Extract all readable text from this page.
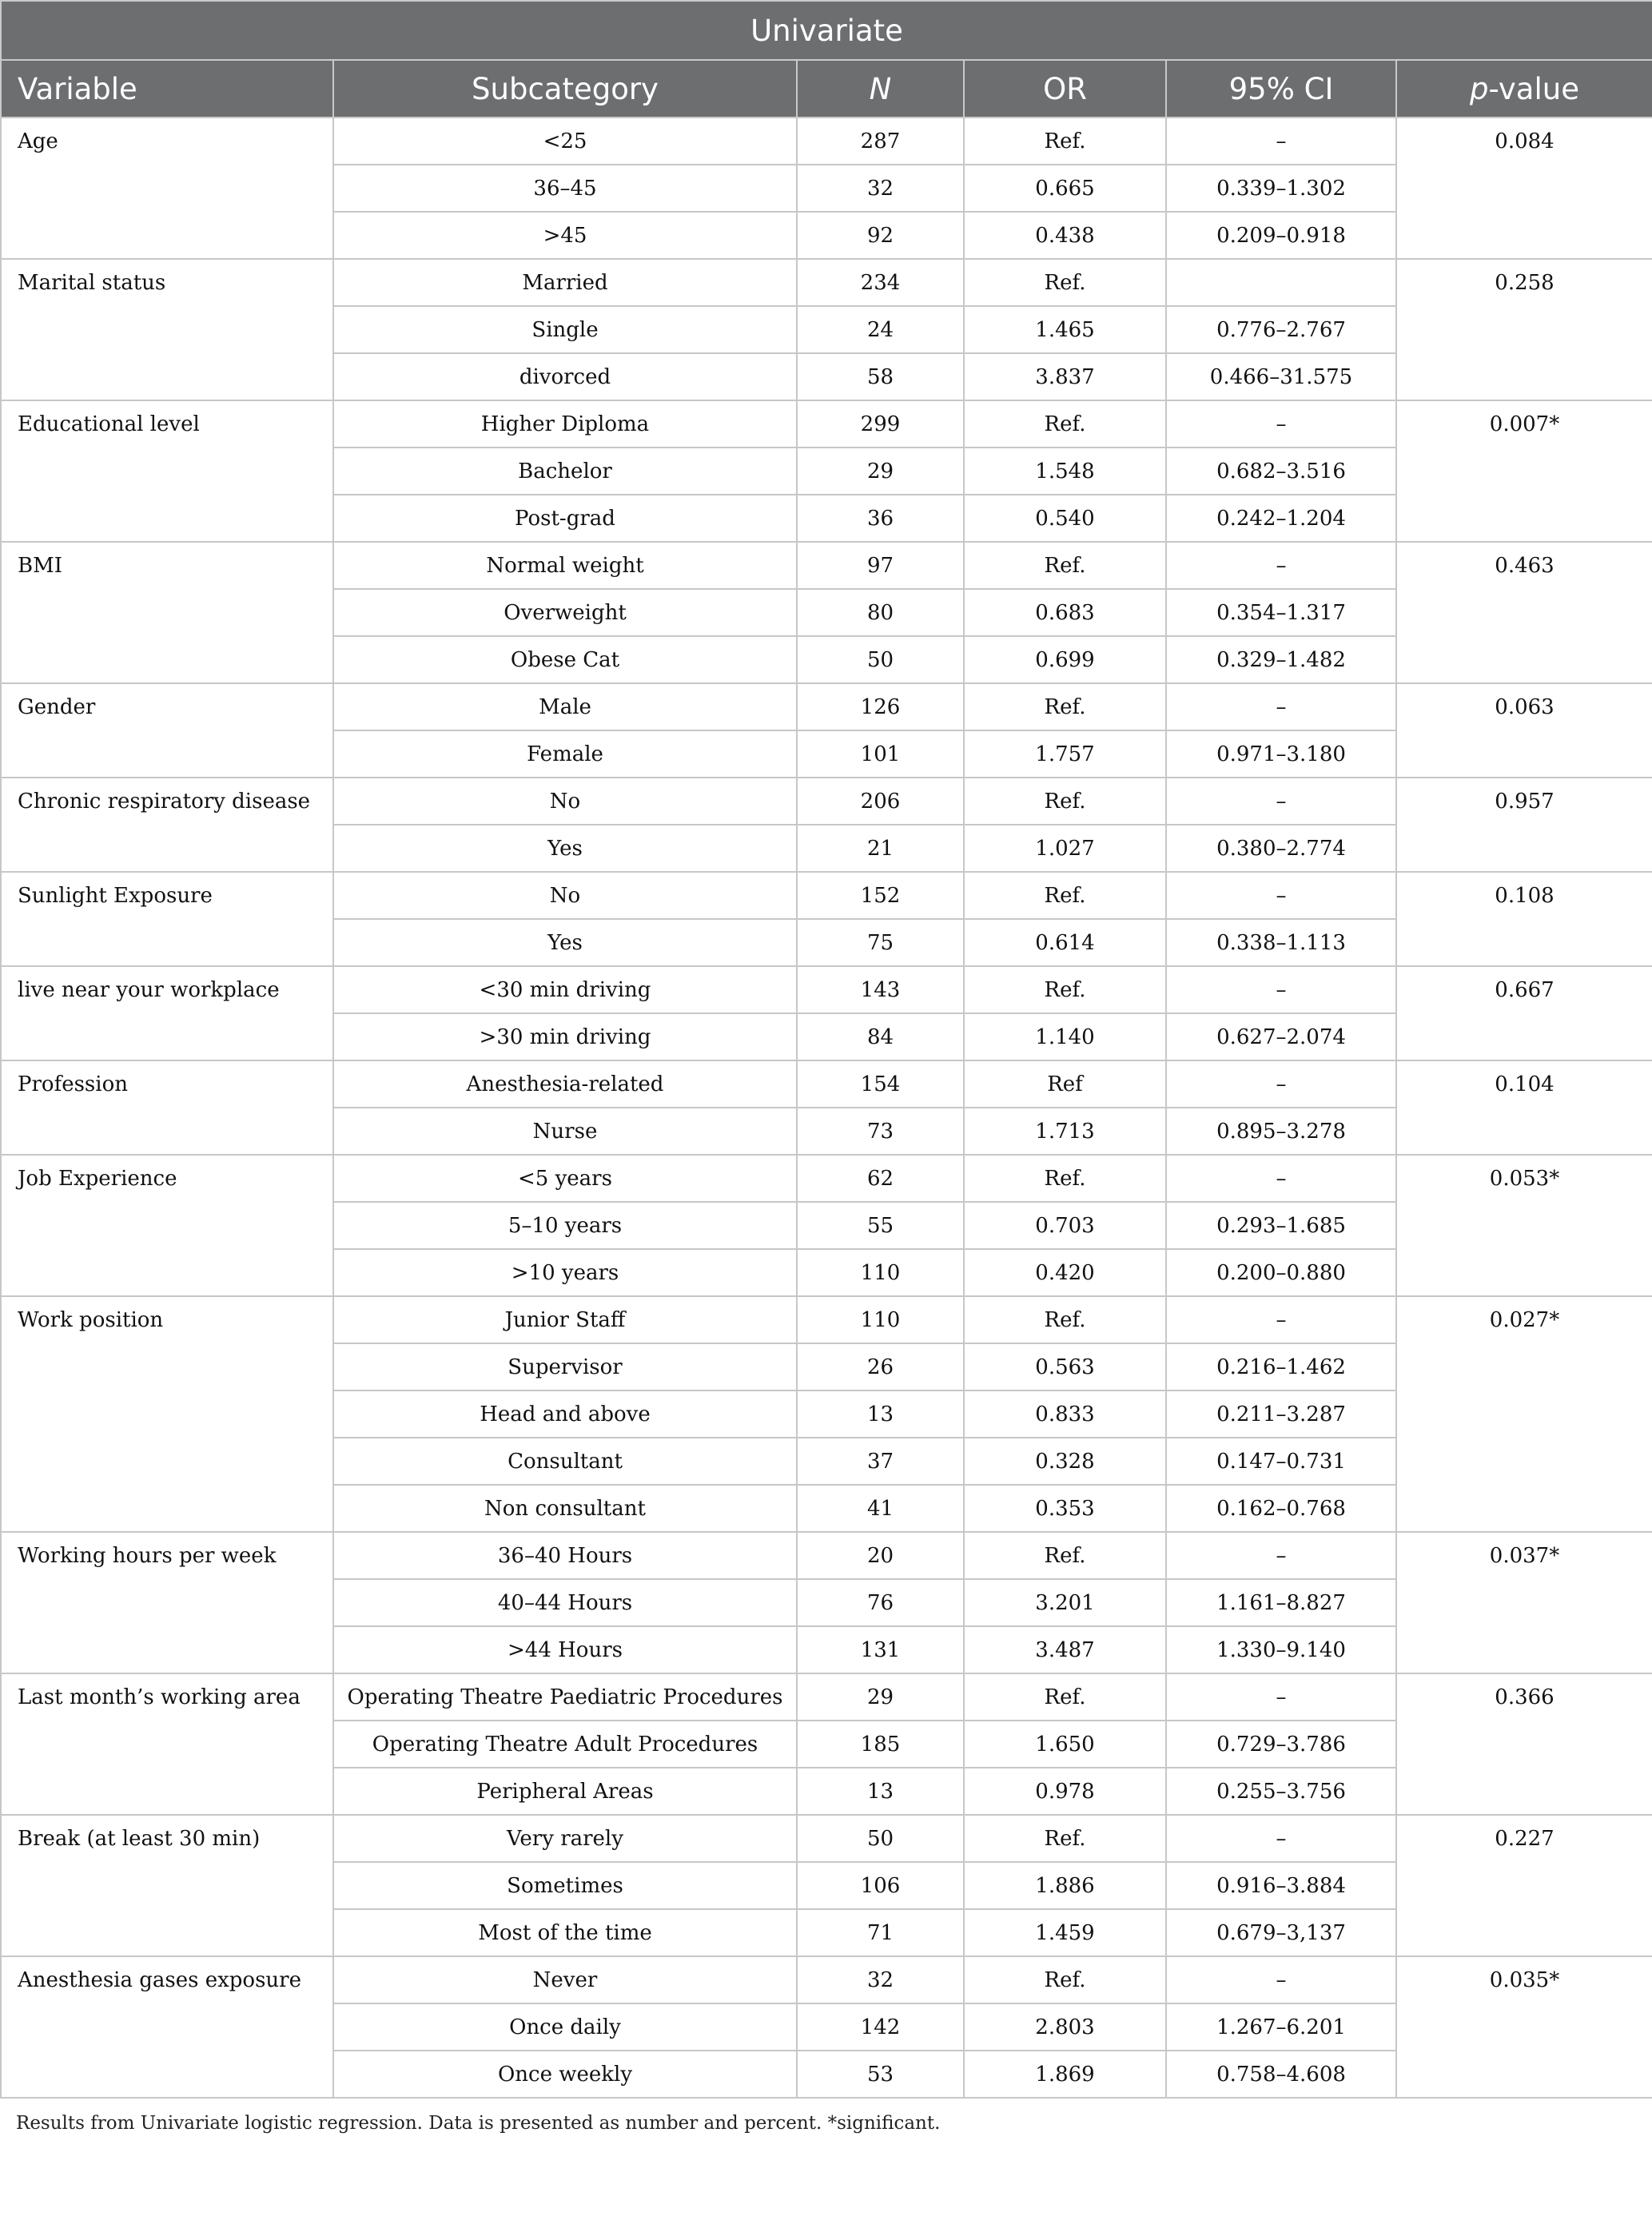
Univariate					
Variable	Subcategory	N	OR	95% CI	p-value
Age	<25	287	Ref.	–	0.084
	36–45	32	0.665	0.339–1.302	
	>45	92	0.438	0.209–0.918	
Marital status	Married	234	Ref.		0.258
	Single	24	1.465	0.776–2.767	
	divorced	58	3.837	0.466–31.575	
Educational level	Higher Diploma	299	Ref.	–	0.007*
	Bachelor	29	1.548	0.682–3.516	
	Post-grad	36	0.540	0.242–1.204	
BMI	Normal weight	97	Ref.	–	0.463
	Overweight	80	0.683	0.354–1.317	
	Obese Cat	50	0.699	0.329–1.482	
Gender	Male	126	Ref.	–	0.063
	Female	101	1.757	0.971–3.180	
Chronic respiratory disease	No	206	Ref.	–	0.957
	Yes	21	1.027	0.380–2.774	
Sunlight Exposure	No	152	Ref.	–	0.108
	Yes	75	0.614	0.338–1.113	
live near your workplace	<30 min driving	143	Ref.	–	0.667
	>30 min driving	84	1.140	0.627–2.074	
Profession	Anesthesia-related	154	Ref	–	0.104
	Nurse	73	1.713	0.895–3.278	
Job Experience	<5 years	62	Ref.	–	0.053*
	5–10 years	55	0.703	0.293–1.685	
	>10 years	110	0.420	0.200–0.880	
Work position	Junior Staff	110	Ref.	–	0.027*
	Supervisor	26	0.563	0.216–1.462	
	Head and above	13	0.833	0.211–3.287	
	Consultant	37	0.328	0.147–0.731	
	Non consultant	41	0.353	0.162–0.768	
Working hours per week	36–40 Hours	20	Ref.	–	0.037*
	40–44 Hours	76	3.201	1.161–8.827	
	>44 Hours	131	3.487	1.330–9.140	
Last month’s working area	Operating Theatre Paediatric Procedures	29	Ref.	–	0.366
	Operating Theatre Adult Procedures	185	1.650	0.729–3.786	
	Peripheral Areas	13	0.978	0.255–3.756	
Break (at least 30 min)	Very rarely	50	Ref.	–	0.227
	Sometimes	106	1.886	0.916–3.884	
	Most of the time	71	1.459	0.679–3,137	
Anesthesia gases exposure	Never	32	Ref.	–	0.035*
	Once daily	142	2.803	1.267–6.201	
	Once weekly	53	1.869	0.758–4.608	
Results from Univariate logistic regression. Data is presented as number and percent. *significant.
